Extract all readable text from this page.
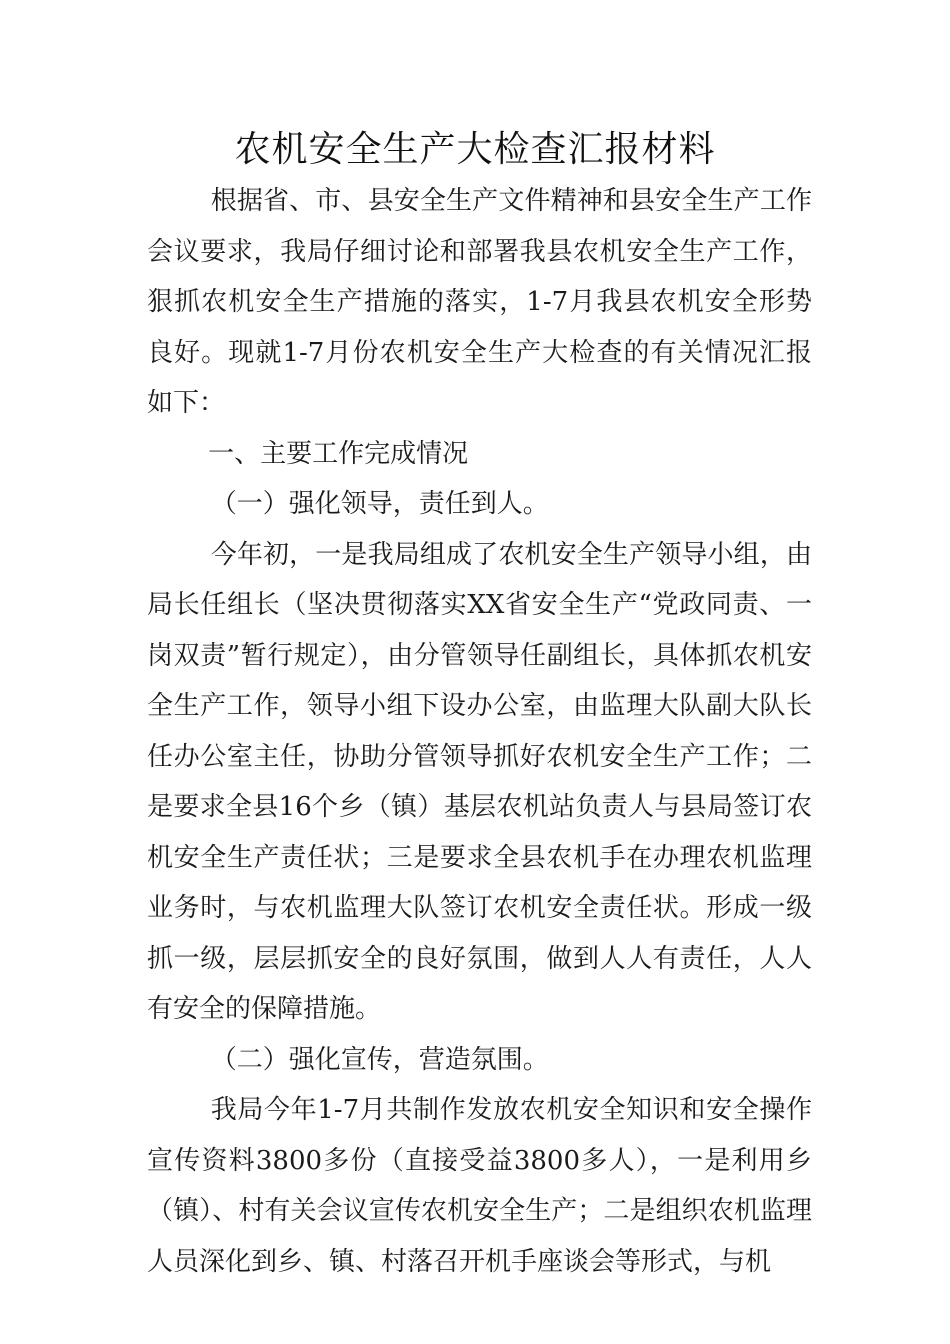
农机安全生产大检查汇报材料

根据省、市、县安全生产文件精神和县安全生产工作会议要求，我局仔细讨论和部署我县农机安全生产工作，狠抓农机安全生产措施的落实，1-7月我县农机安全形势良好。现就1-7月份农机安全生产大检查的有关情况汇报如下：

一、主要工作完成情况

（一）强化领导，责任到人。

今年初，一是我局组成了农机安全生产领导小组，由局长任组长（坚决贯彻落实XX省安全生产“党政同责、一岗双责”暂行规定），由分管领导任副组长，具体抓农机安全生产工作，领导小组下设办公室，由监理大队副大队长任办公室主任，协助分管领导抓好农机安全生产工作；二是要求全县16个乡（镇）基层农机站负责人与县局签订农机安全生产责任状；三是要求全县农机手在办理农机监理业务时，与农机监理大队签订农机安全责任状。形成一级抓一级，层层抓安全的良好氛围，做到人人有责任，人人有安全的保障措施。

（二）强化宣传，营造氛围。

我局今年1-7月共制作发放农机安全知识和安全操作宣传资料3800多份（直接受益3800多人），一是利用乡（镇）、村有关会议宣传农机安全生产；二是组织农机监理人员深化到乡、镇、村落召开机手座谈会等形式，与机
